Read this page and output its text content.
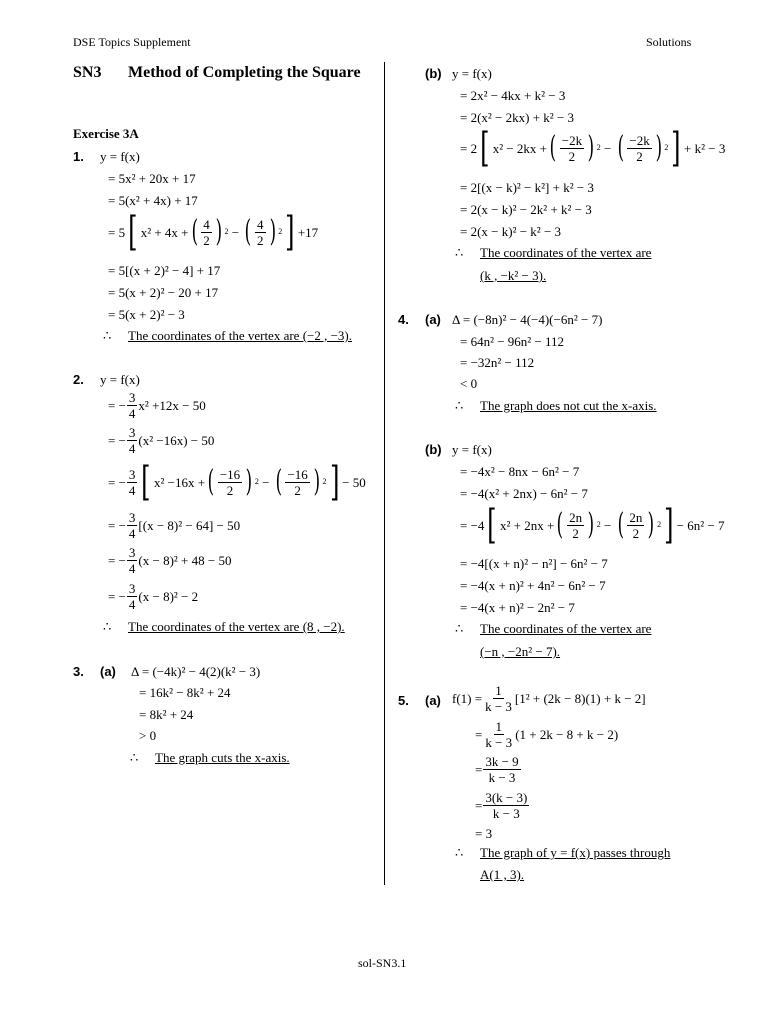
DSE Topics Supplement	Solutions
SN3 Method of Completing the Square
Exercise 3A
1. y = f(x)
= 5x² + 20x + 17
= 5(x² + 4x) + 17
= 5 [ x² + 4x + ( $\frac{4}{2}$ ) 2 − ( $\frac{4}{2}$ ) 2 ] +17
= 5[(x + 2)² − 4] + 17
= 5(x + 2)² − 20 + 17
= 5(x + 2)² − 3
∴ The coordinates of the vertex are (−2 , −3).
2. y = f(x)
= − $\frac{3}{4} x^2 +12x - 50$
= − $\frac{3}{4} (x^2 -16x) - 50$
= − $\frac{3}{4}$ [ x² −16x + ( $\frac{-16}{2}$ ) 2 − ( $\frac{-16}{2}$ ) 2 ] − 50
= − $\frac{3}{4} [(x - 8)^2 - 64] - 50$
= − $\frac{3}{4} (x - 8)^2 + 48 - 50$
= − $\frac{3}{4} (x - 8)^2 - 2$
∴ The coordinates of the vertex are (8 , −2).
3. (a) Δ = (−4k)² − 4(2)(k² − 3)
= 16k² − 8k² + 24
= 8k² + 24
> 0
∴ The graph cuts the x-axis.
(b) y = f(x)
= 2x² − 4kx + k² − 3
= 2(x² − 2kx) + k² − 3
= 2 [ x² − 2kx + ( $\frac{-2k}{2}$ ) 2 − ( $\frac{-2k}{2}$ ) 2 ] + k² − 3
= 2[(x − k)² − k²] + k² − 3
= 2(x − k)² − 2k² + k² − 3
= 2(x − k)² − k² − 3
∴ The coordinates of the vertex are
(k , −k² − 3).
4. (a) Δ = (−8n)² − 4(−4)(−6n² − 7)
= 64n² − 96n² − 112
= −32n² − 112
< 0
∴ The graph does not cut the x-axis.
(b) y = f(x)
= −4x² − 8nx − 6n² − 7
= −4(x² + 2nx) − 6n² − 7
= −4 [ x² + 2nx + ( $\frac{2n}{2}$ ) 2 − ( $\frac{2n}{2}$ ) 2 ] − 6n² − 7
= −4[(x + n)² − n²] − 6n² − 7
= −4(x + n)² + 4n² − 6n² − 7
= −4(x + n)² − 2n² − 7
∴ The coordinates of the vertex are
(−n , −2n² − 7).
5. (a) $f(1) = \frac{1}{k - 3} [1^2 + (2k - 8)(1) + k - 2]$
= $\frac{1}{k - 3} (1 + 2k - 8 + k - 2)$
= $\frac{3k - 9}{k - 3}$
= $\frac{3(k - 3)}{k - 3}$
= 3
∴ The graph of y = f(x) passes through
A(1 , 3).
sol-SN3.1
